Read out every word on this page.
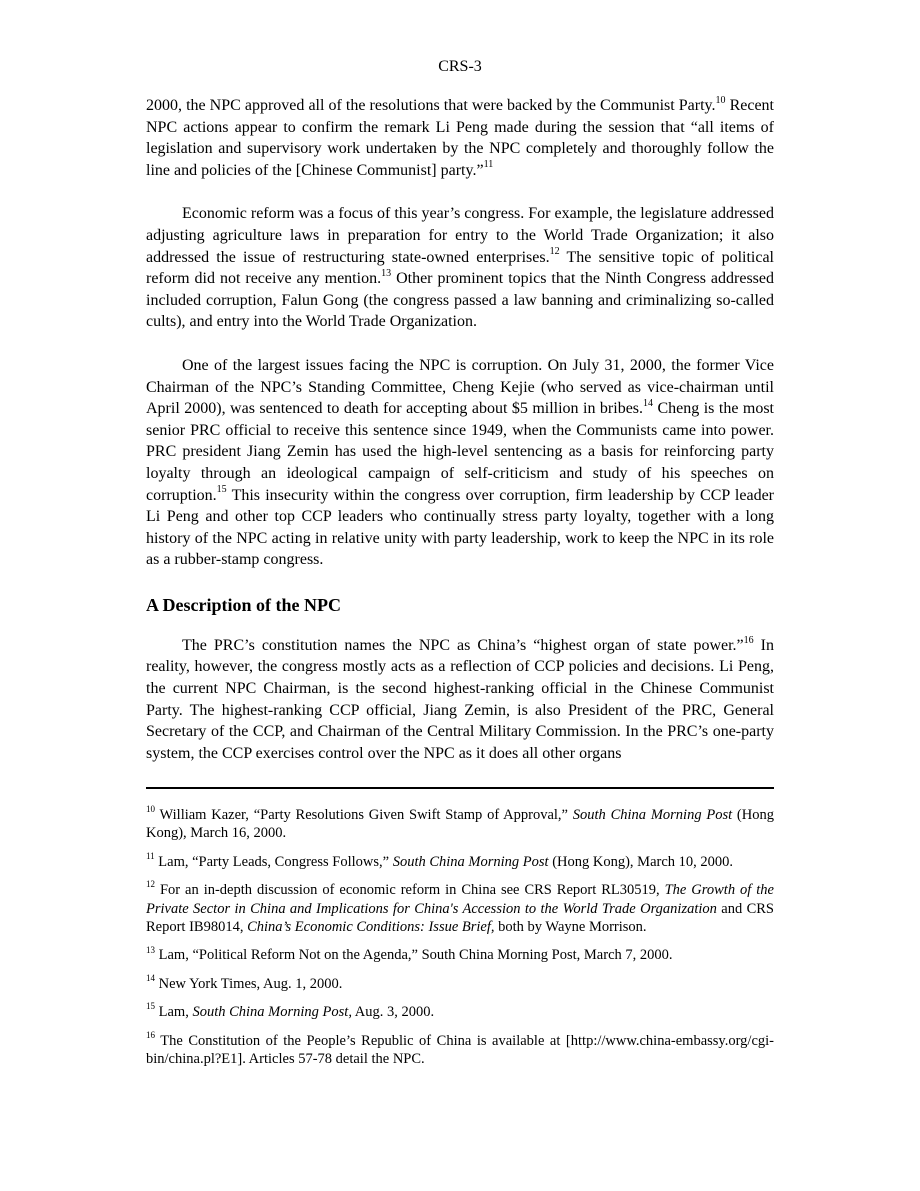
CRS-3

2000, the NPC approved all of the resolutions that were backed by the Communist Party.$^{10}$ Recent NPC actions appear to confirm the remark Li Peng made during the session that “all items of legislation and supervisory work undertaken by the NPC completely and thoroughly follow the line and policies of the [Chinese Communist] party.”$^{11}$

Economic reform was a focus of this year’s congress. For example, the legislature addressed adjusting agriculture laws in preparation for entry to the World Trade Organization; it also addressed the issue of restructuring state-owned enterprises.$^{12}$ The sensitive topic of political reform did not receive any mention.$^{13}$ Other prominent topics that the Ninth Congress addressed included corruption, Falun Gong (the congress passed a law banning and criminalizing so-called cults), and entry into the World Trade Organization.

One of the largest issues facing the NPC is corruption. On July 31, 2000, the former Vice Chairman of the NPC’s Standing Committee, Cheng Kejie (who served as vice-chairman until April 2000), was sentenced to death for accepting about $5 million in bribes.$^{14}$ Cheng is the most senior PRC official to receive this sentence since 1949, when the Communists came into power. PRC president Jiang Zemin has used the high-level sentencing as a basis for reinforcing party loyalty through an ideological campaign of self-criticism and study of his speeches on corruption.$^{15}$ This insecurity within the congress over corruption, firm leadership by CCP leader Li Peng and other top CCP leaders who continually stress party loyalty, together with a long history of the NPC acting in relative unity with party leadership, work to keep the NPC in its role as a rubber-stamp congress.

A Description of the NPC

The PRC’s constitution names the NPC as China’s “highest organ of state power.”$^{16}$ In reality, however, the congress mostly acts as a reflection of CCP policies and decisions. Li Peng, the current NPC Chairman, is the second highest-ranking official in the Chinese Communist Party. The highest-ranking CCP official, Jiang Zemin, is also President of the PRC, General Secretary of the CCP, and Chairman of the Central Military Commission. In the PRC’s one-party system, the CCP exercises control over the NPC as it does all other organs

$^{10}$ William Kazer, “Party Resolutions Given Swift Stamp of Approval,” South China Morning Post (Hong Kong), March 16, 2000.
$^{11}$ Lam, “Party Leads, Congress Follows,” South China Morning Post (Hong Kong), March 10, 2000.
$^{12}$ For an in-depth discussion of economic reform in China see CRS Report RL30519, The Growth of the Private Sector in China and Implications for China's Accession to the World Trade Organization and CRS Report IB98014, China’s Economic Conditions: Issue Brief, both by Wayne Morrison.
$^{13}$ Lam, “Political Reform Not on the Agenda,” South China Morning Post, March 7, 2000.
$^{14}$ New York Times, Aug. 1, 2000.
$^{15}$ Lam, South China Morning Post, Aug. 3, 2000.
$^{16}$ The Constitution of the People’s Republic of China is available at [http://www.china-embassy.org/cgi-bin/china.pl?E1]. Articles 57-78 detail the NPC.
